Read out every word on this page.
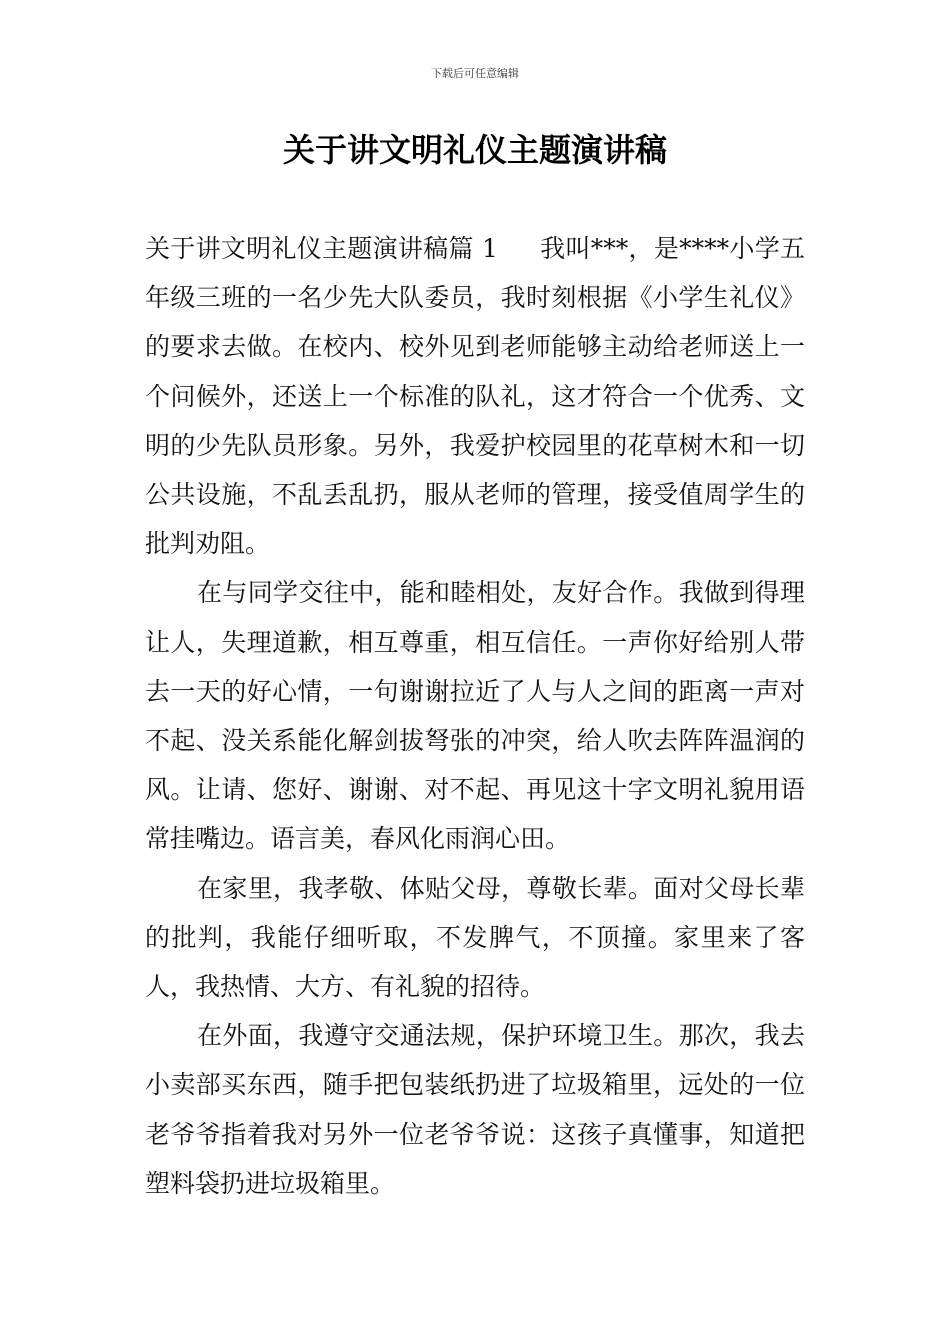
下载后可任意编辑
关于讲文明礼仪主题演讲稿

关于讲文明礼仪主题演讲稿篇 1 我叫***，是****小学五年级三班的一名少先大队委员，我时刻根据《小学生礼仪》的要求去做。在校内、校外见到老师能够主动给老师送上一个问候外，还送上一个标准的队礼，这才符合一个优秀、文明的少先队员形象。另外，我爱护校园里的花草树木和一切公共设施，不乱丢乱扔，服从老师的管理，接受值周学生的批判劝阻。

在与同学交往中，能和睦相处，友好合作。我做到得理让人，失理道歉，相互尊重，相互信任。一声你好给别人带去一天的好心情，一句谢谢拉近了人与人之间的距离一声对不起、没关系能化解剑拔弩张的冲突，给人吹去阵阵温润的风。让请、您好、谢谢、对不起、再见这十字文明礼貌用语常挂嘴边。语言美，春风化雨润心田。

在家里，我孝敬、体贴父母，尊敬长辈。面对父母长辈的批判，我能仔细听取，不发脾气，不顶撞。家里来了客人，我热情、大方、有礼貌的招待。

在外面，我遵守交通法规，保护环境卫生。那次，我去小卖部买东西，随手把包装纸扔进了垃圾箱里，远处的一位老爷爷指着我对另外一位老爷爷说：这孩子真懂事，知道把塑料袋扔进垃圾箱里。
